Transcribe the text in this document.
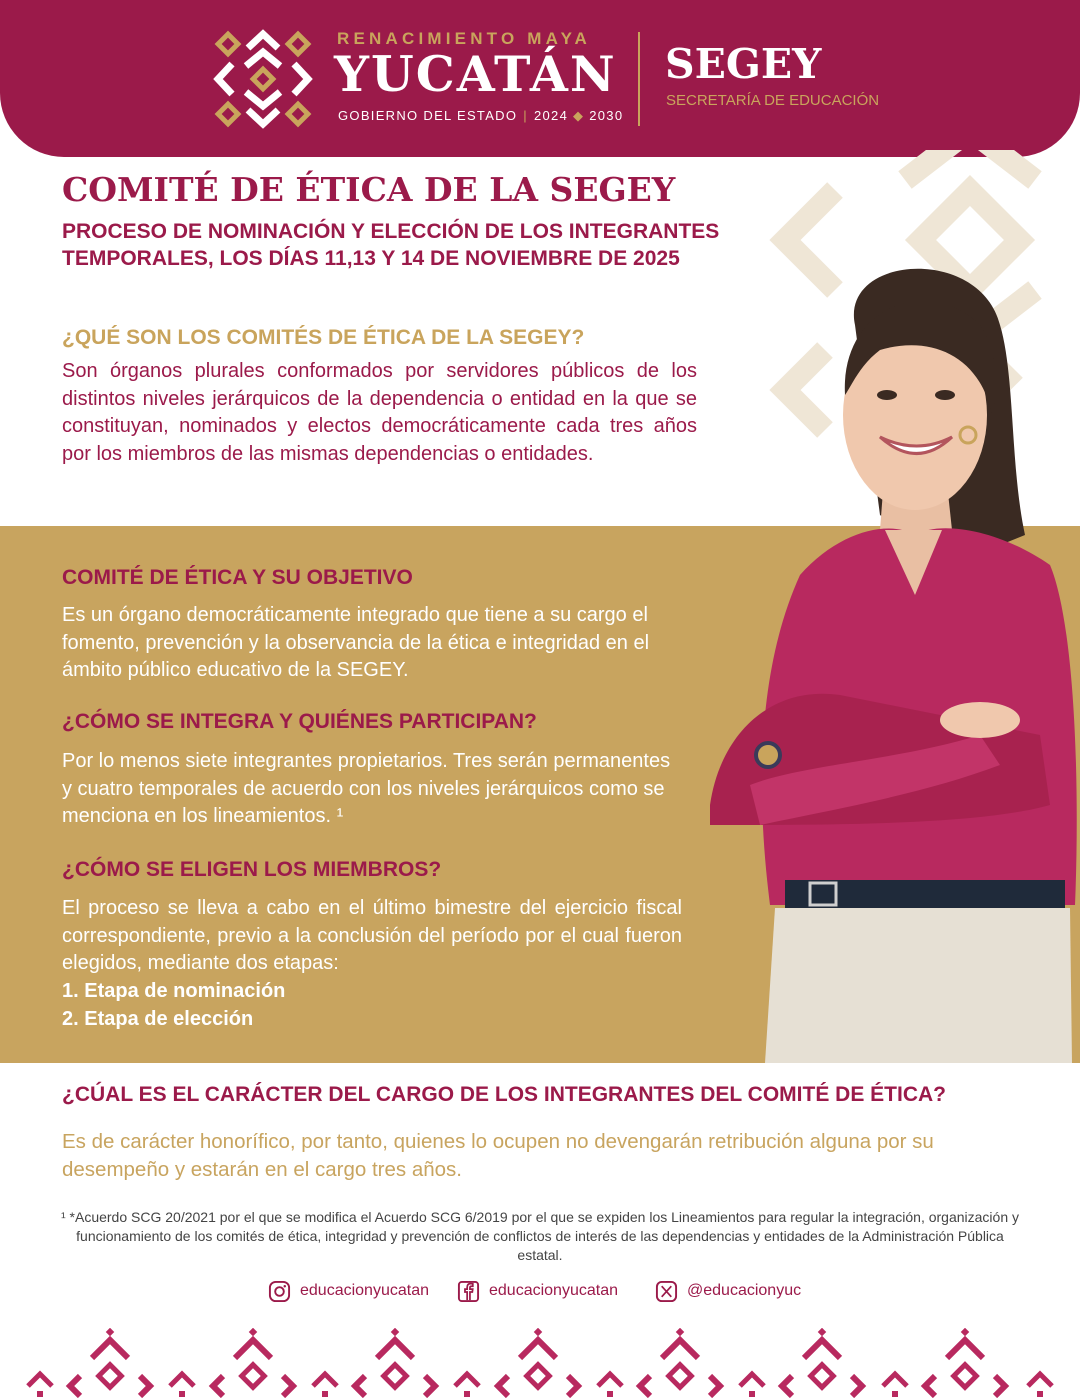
RENACIMIENTO MAYA
YUCATÁN
GOBIERNO DEL ESTADO | 2024 ◆ 2030
SEGEY
SECRETARÍA DE EDUCACIÓN
COMITÉ DE ÉTICA DE LA SEGEY
PROCESO DE NOMINACIÓN Y ELECCIÓN DE LOS INTEGRANTES TEMPORALES, LOS DÍAS 11,13 Y 14 DE NOVIEMBRE DE 2025
¿QUÉ SON LOS COMITÉS DE ÉTICA DE LA SEGEY?
Son órganos plurales conformados por servidores públicos de los distintos niveles jerárquicos de la dependencia o entidad en la que se constituyan, nominados y electos democráticamente cada tres años por los miembros de las mismas dependencias o entidades.
COMITÉ DE ÉTICA Y SU OBJETIVO
Es un órgano democráticamente integrado que tiene a su cargo el fomento, prevención y la observancia de la ética e integridad en el ámbito público educativo de la SEGEY.
¿CÓMO SE INTEGRA Y QUIÉNES PARTICIPAN?
Por lo menos siete integrantes propietarios. Tres serán permanentes y cuatro temporales de acuerdo con los niveles jerárquicos como se menciona en los lineamientos. ¹
¿CÓMO SE ELIGEN LOS MIEMBROS?
El proceso se lleva a cabo en el último bimestre del ejercicio fiscal correspondiente, previo a la conclusión del período por el cual fueron elegidos, mediante dos etapas:
1. Etapa de nominación
2. Etapa de elección
¿CÚAL ES EL CARÁCTER DEL CARGO DE LOS INTEGRANTES DEL COMITÉ DE ÉTICA?
Es de carácter honorífico, por tanto, quienes lo ocupen no devengarán retribución alguna por su desempeño y estarán en el cargo tres años.
¹ *Acuerdo SCG 20/2021 por el que se modifica el Acuerdo SCG 6/2019 por el que se expiden los Lineamientos para regular la integración, organización y funcionamiento de los comités de ética, integridad y prevención de conflictos de interés de las dependencias y entidades de la Administración Pública estatal.
educacionyucatan	educacionyucatan	@educacionyuc
